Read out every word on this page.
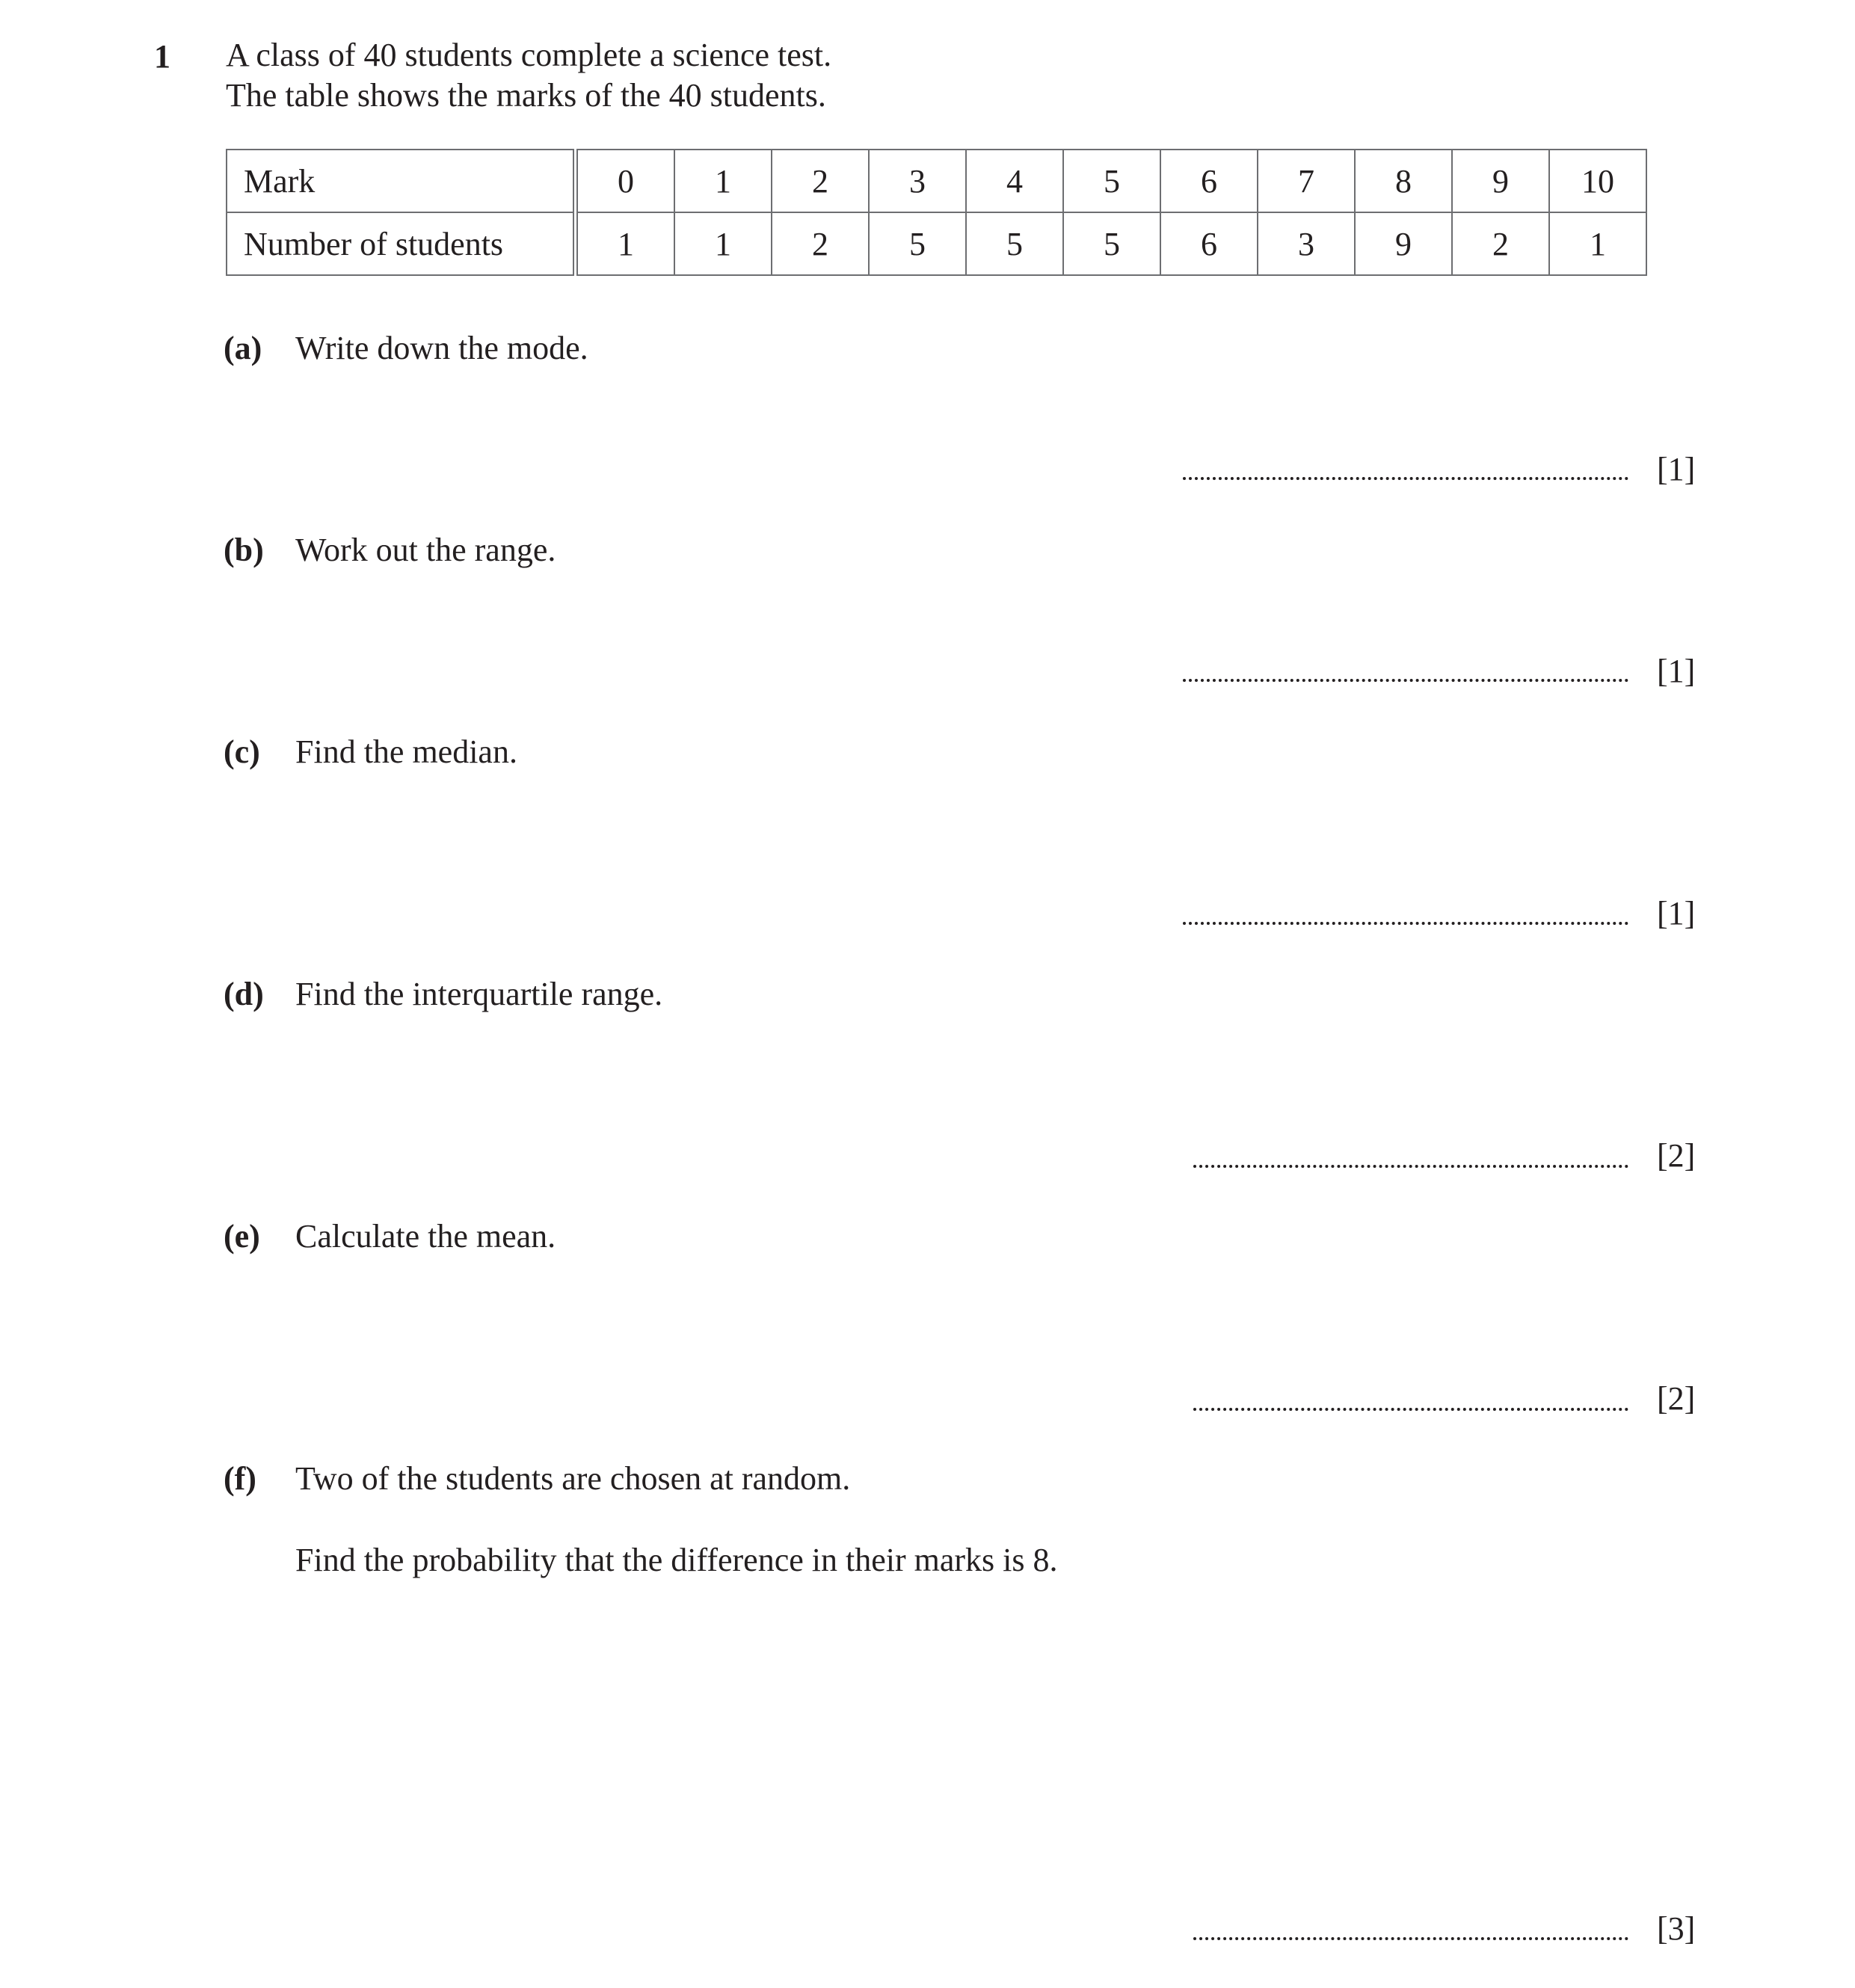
1 A class of 40 students complete a science test.
The table shows the marks of the 40 students.
Mark	0	1	2	3	4	5	6	7	8	9	10
Number of students	1	1	2	5	5	5	6	3	9	2	1
(a) Write down the mode.
[1]
(b) Work out the range.
[1]
(c) Find the median.
[1]
(d) Find the interquartile range.
[2]
(e) Calculate the mean.
[2]
(f) Two of the students are chosen at random.
Find the probability that the difference in their marks is 8.
[3]
